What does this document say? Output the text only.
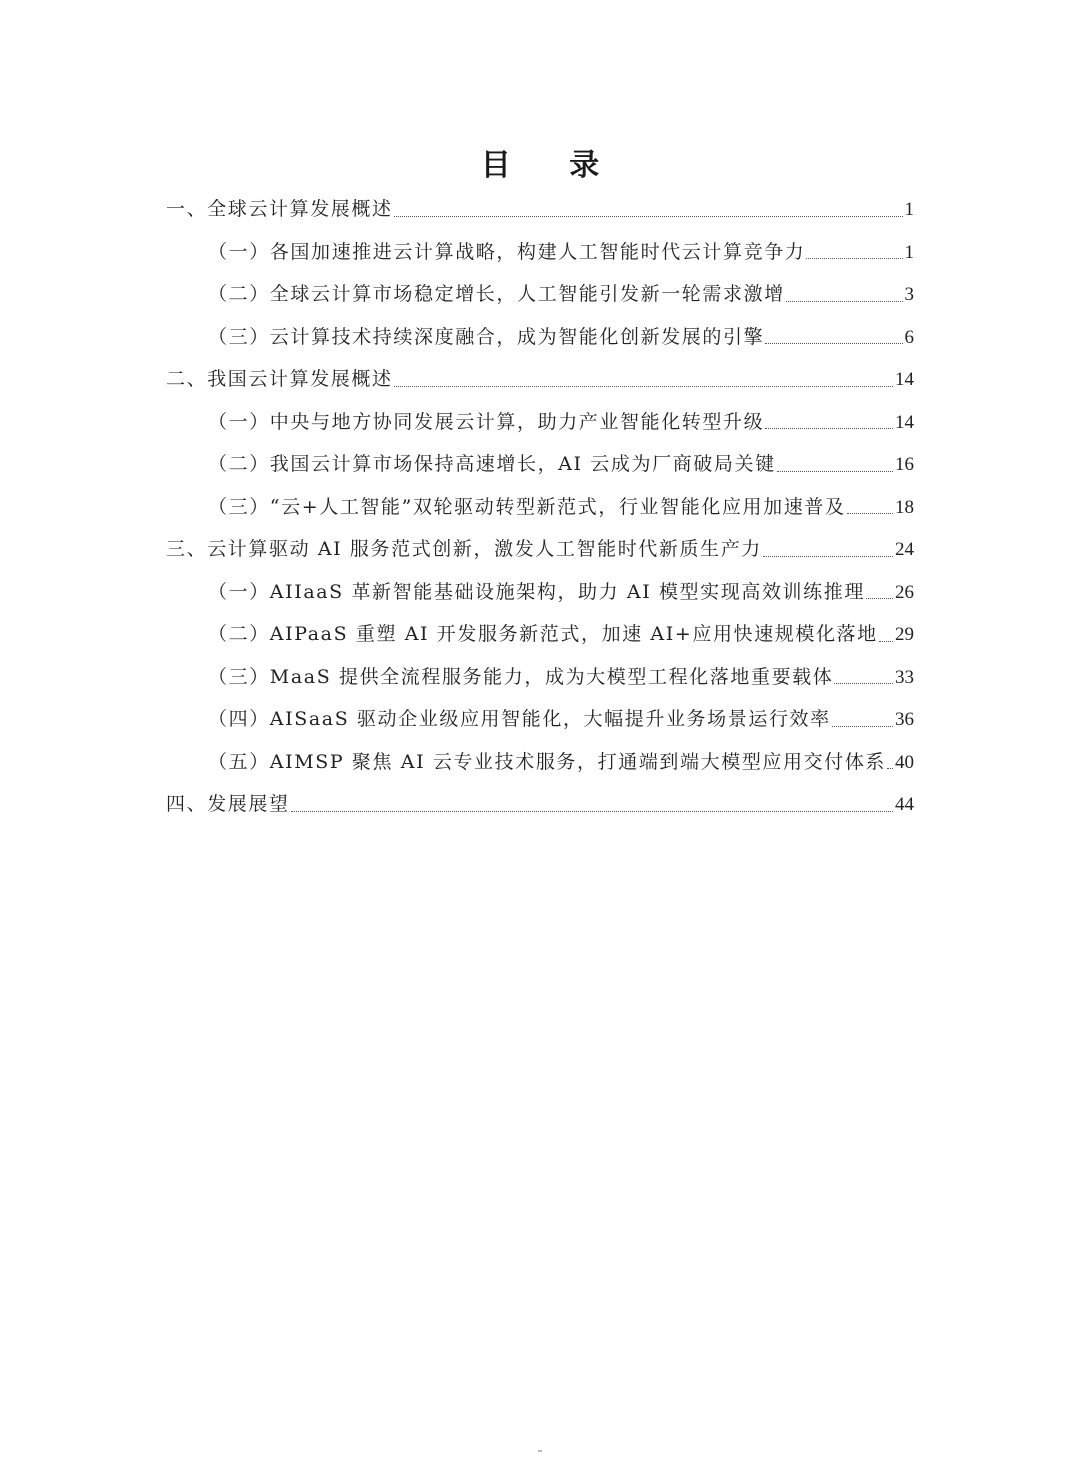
目 录
一、全球云计算发展概述	1
（一）各国加速推进云计算战略，构建人工智能时代云计算竞争力	1
（二）全球云计算市场稳定增长，人工智能引发新一轮需求激增	3
（三）云计算技术持续深度融合，成为智能化创新发展的引擎	6
二、我国云计算发展概述	14
（一）中央与地方协同发展云计算，助力产业智能化转型升级	14
（二）我国云计算市场保持高速增长，AI 云成为厂商破局关键	16
（三）“云+人工智能”双轮驱动转型新范式，行业智能化应用加速普及	18
三、云计算驱动 AI 服务范式创新，激发人工智能时代新质生产力	24
（一）AIIaaS 革新智能基础设施架构，助力 AI 模型实现高效训练推理 26
（二）AIPaaS 重塑 AI 开发服务新范式，加速 AI+应用快速规模化落地 29
（三）MaaS 提供全流程服务能力，成为大模型工程化落地重要载体	33
（四）AISaaS 驱动企业级应用智能化，大幅提升业务场景运行效率	36
（五）AIMSP 聚焦 AI 云专业技术服务，打通端到端大模型应用交付体系 40
四、发展展望	44
